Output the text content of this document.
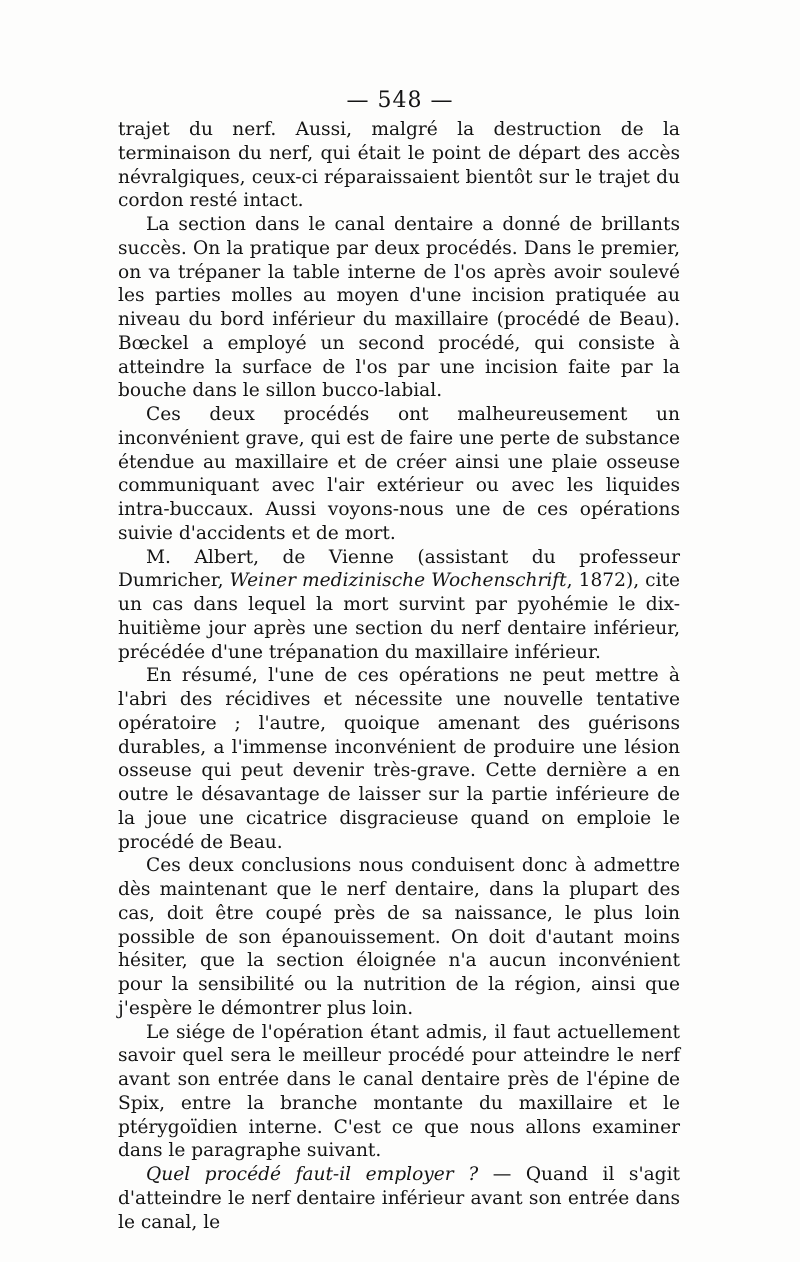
— 548 —

trajet du nerf. Aussi, malgré la destruction de la terminaison du nerf, qui était le point de départ des accès névralgiques, ceux-ci réparaissaient bientôt sur le trajet du cordon resté intact.

La section dans le canal dentaire a donné de brillants succès. On la pratique par deux procédés. Dans le premier, on va trépaner la table interne de l'os après avoir soulevé les parties molles au moyen d'une incision pratiquée au niveau du bord inférieur du maxillaire (procédé de Beau). Bœckel a employé un second procédé, qui consiste à atteindre la surface de l'os par une incision faite par la bouche dans le sillon bucco-labial.

Ces deux procédés ont malheureusement un inconvénient grave, qui est de faire une perte de substance étendue au maxillaire et de créer ainsi une plaie osseuse communiquant avec l'air extérieur ou avec les liquides intra-buccaux. Aussi voyons-nous une de ces opérations suivie d'accidents et de mort.

M. Albert, de Vienne (assistant du professeur Dumricher, Weiner medizinische Wochenschrift, 1872), cite un cas dans lequel la mort survint par pyohémie le dix-huitième jour après une section du nerf dentaire inférieur, précédée d'une trépanation du maxillaire inférieur.

En résumé, l'une de ces opérations ne peut mettre à l'abri des récidives et nécessite une nouvelle tentative opératoire ; l'autre, quoique amenant des guérisons durables, a l'immense inconvénient de produire une lésion osseuse qui peut devenir très-grave. Cette dernière a en outre le désavantage de laisser sur la partie inférieure de la joue une cicatrice disgracieuse quand on emploie le procédé de Beau.

Ces deux conclusions nous conduisent donc à admettre dès maintenant que le nerf dentaire, dans la plupart des cas, doit être coupé près de sa naissance, le plus loin possible de son épanouissement. On doit d'autant moins hésiter, que la section éloignée n'a aucun inconvénient pour la sensibilité ou la nutrition de la région, ainsi que j'espère le démontrer plus loin.

Le siége de l'opération étant admis, il faut actuellement savoir quel sera le meilleur procédé pour atteindre le nerf avant son entrée dans le canal dentaire près de l'épine de Spix, entre la branche montante du maxillaire et le ptérygoïdien interne. C'est ce que nous allons examiner dans le paragraphe suivant.

Quel procédé faut-il employer ? — Quand il s'agit d'atteindre le nerf dentaire inférieur avant son entrée dans le canal, le
